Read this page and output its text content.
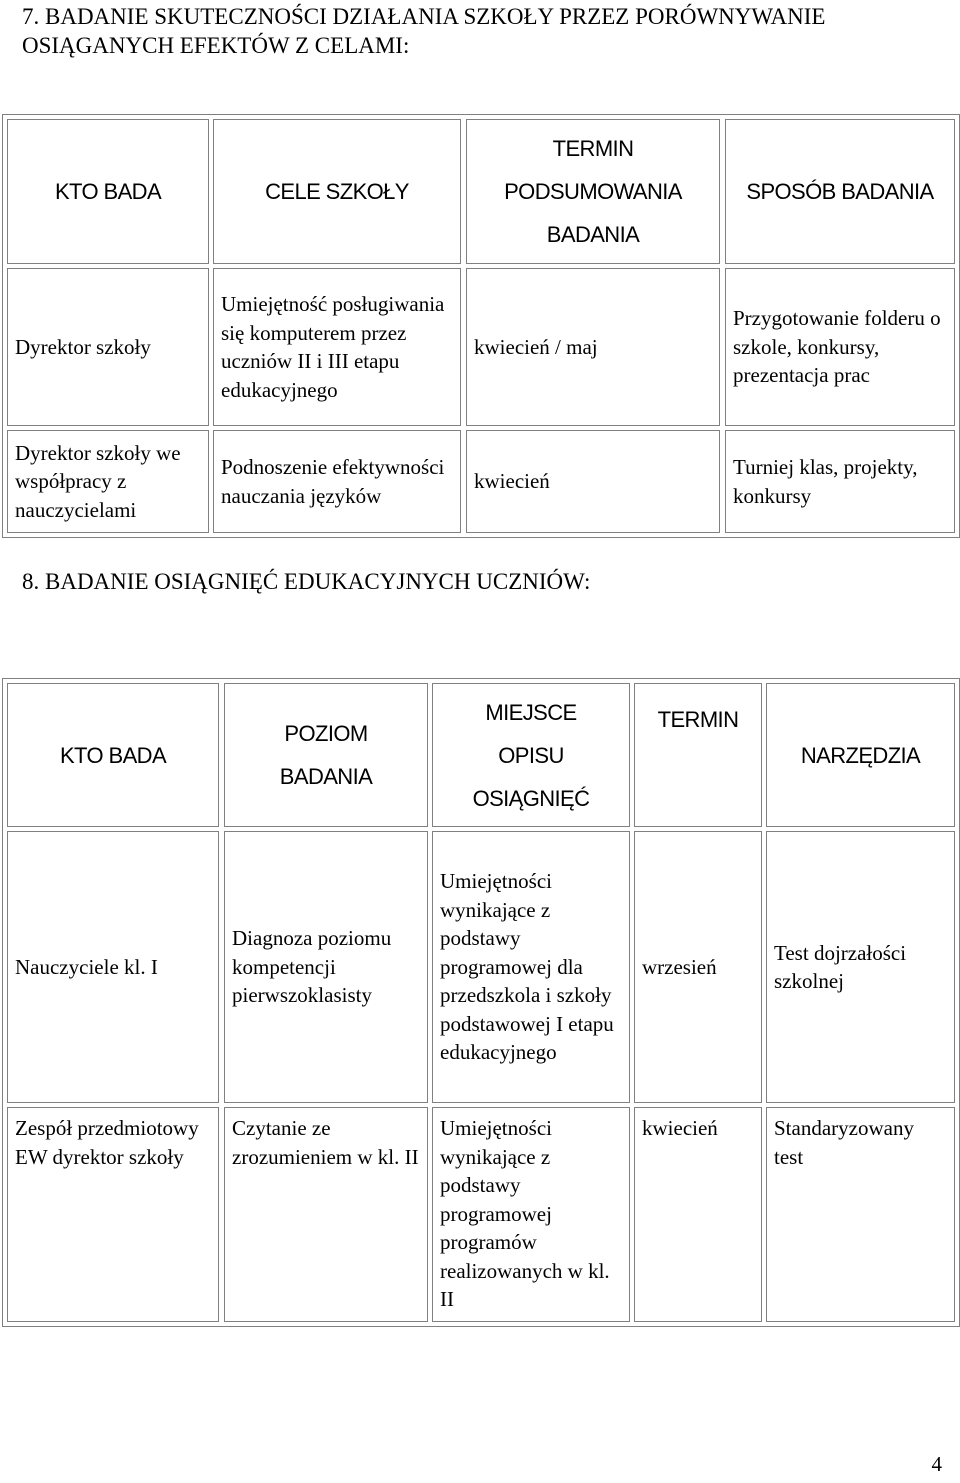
7. BADANIE SKUTECZNOŚCI DZIAŁANIA SZKOŁY PRZEZ PORÓWNYWANIE OSIĄGANYCH EFEKTÓW Z CELAMI:
KTO BADA	CELE SZKOŁY
TERMIN
PODSUMOWANIA
BADANIA
SPOSÓB BADANIA
Dyrektor szkoły
Umiejętność posługiwania się komputerem przez uczniów II i III etapu edukacyjnego
kwiecień / maj
Przygotowanie folderu o szkole, konkursy, prezentacja prac
Dyrektor szkoły we współpracy z nauczycielami
Podnoszenie efektywności nauczania języków
kwiecień
Turniej klas, projekty, konkursy
8. BADANIE OSIĄGNIĘĆ EDUKACYJNYCH UCZNIÓW:
KTO BADA
POZIOM
BADANIA
MIEJSCE
OPISU
OSIĄGNIĘĆ
TERMIN
NARZĘDZIA
Nauczyciele kl. I
Diagnoza poziomu kompetencji pierwszoklasisty
Umiejętności wynikające z podstawy programowej dla przedszkola i szkoły podstawowej I etapu edukacyjnego
wrzesień
Test dojrzałości szkolnej
Zespół przedmiotowy EW dyrektor szkoły
Czytanie ze zrozumieniem w kl. II
Umiejętności wynikające z podstawy programowej programów realizowanych w kl. II
kwiecień	Standaryzowany test
4
